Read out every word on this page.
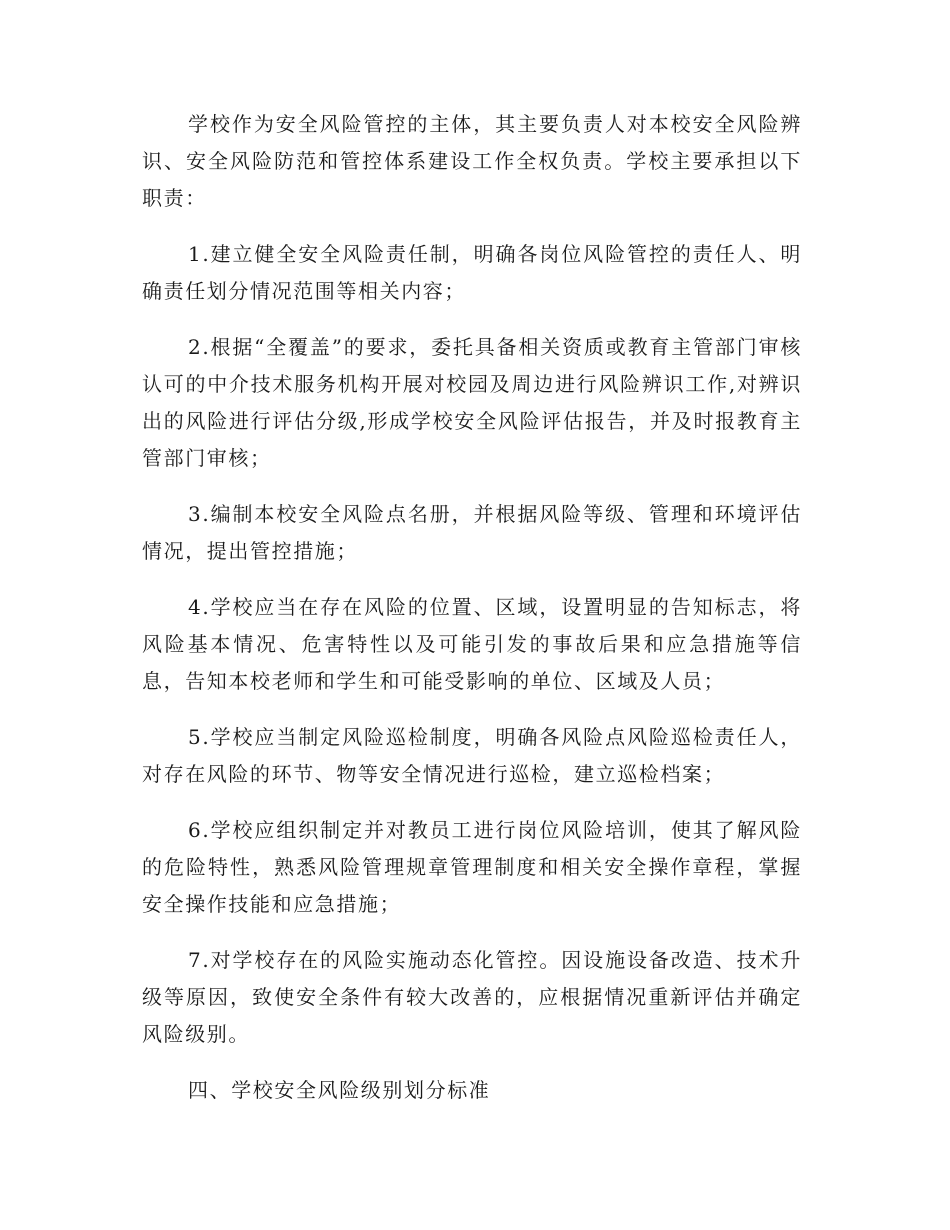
学校作为安全风险管控的主体，其主要负责人对本校安全风险辨识、安全风险防范和管控体系建设工作全权负责。学校主要承担以下职责：

1.建立健全安全风险责任制，明确各岗位风险管控的责任人、明确责任划分情况范围等相关内容；

2.根据“全覆盖”的要求，委托具备相关资质或教育主管部门审核认可的中介技术服务机构开展对校园及周边进行风险辨识工作,对辨识出的风险进行评估分级,形成学校安全风险评估报告，并及时报教育主管部门审核；

3.编制本校安全风险点名册，并根据风险等级、管理和环境评估情况，提出管控措施；

4.学校应当在存在风险的位置、区域，设置明显的告知标志，将风险基本情况、危害特性以及可能引发的事故后果和应急措施等信息，告知本校老师和学生和可能受影响的单位、区域及人员；

5.学校应当制定风险巡检制度，明确各风险点风险巡检责任人，对存在风险的环节、物等安全情况进行巡检，建立巡检档案；

6.学校应组织制定并对教员工进行岗位风险培训，使其了解风险的危险特性，熟悉风险管理规章管理制度和相关安全操作章程，掌握安全操作技能和应急措施；

7.对学校存在的风险实施动态化管控。因设施设备改造、技术升级等原因，致使安全条件有较大改善的，应根据情况重新评估并确定风险级别。

四、学校安全风险级别划分标准
